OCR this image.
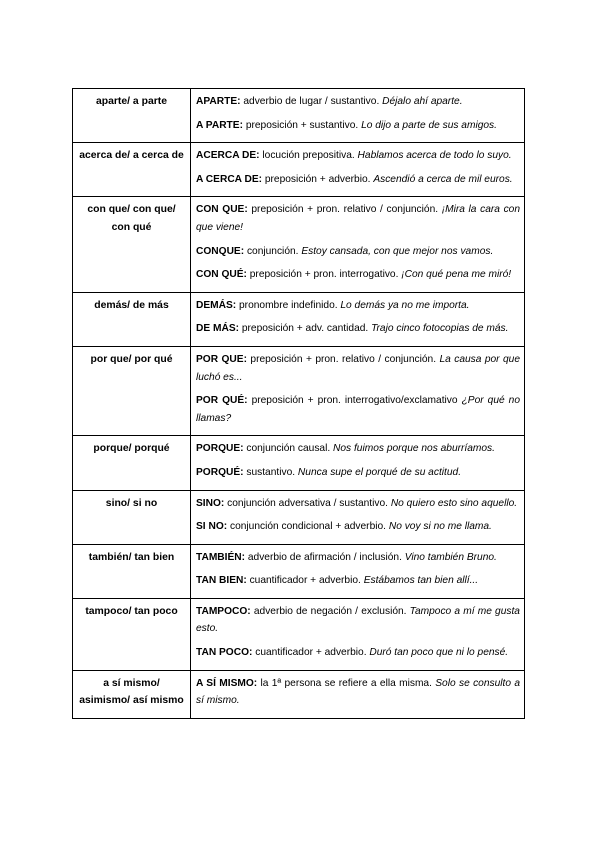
aparte/ a parte	APARTE: adverbio de lugar / sustantivo. Déjalo ahí aparte.

A PARTE: preposición + sustantivo. Lo dijo a parte de sus amigos.

acerca de/ a cerca de	ACERCA DE: locución prepositiva. Hablamos acerca de todo lo suyo.

A CERCA DE: preposición + adverbio. Ascendió a cerca de mil euros.

con que/ con que/ con qué	CON QUE: preposición + pron. relativo / conjunción. ¡Mira la cara con que viene!

CONQUE: conjunción. Estoy cansada, con que mejor nos vamos.

CON QUÉ: preposición + pron. interrogativo. ¡Con qué pena me miró!

demás/ de más	DEMÁS: pronombre indefinido. Lo demás ya no me importa.

DE MÁS: preposición + adv. cantidad. Trajo cinco fotocopias de más.

por que/ por qué	POR QUE: preposición + pron. relativo / conjunción. La causa por que luchó es...

POR QUÉ: preposición + pron. interrogativo/exclamativo ¿Por qué no llamas?

porque/ porqué	PORQUE: conjunción causal. Nos fuimos porque nos aburríamos.

PORQUÉ: sustantivo. Nunca supe el porqué de su actitud.

sino/ si no	SINO: conjunción adversativa / sustantivo. No quiero esto sino aquello.

SI NO: conjunción condicional + adverbio. No voy si no me llama.

también/ tan bien	TAMBIÉN: adverbio de afirmación / inclusión. Vino también Bruno.

TAN BIEN: cuantificador + adverbio. Estábamos tan bien allí...

tampoco/ tan poco	TAMPOCO: adverbio de negación / exclusión. Tampoco a mí me gusta esto.

TAN POCO: cuantificador + adverbio. Duró tan poco que ni lo pensé.

a sí mismo/ asimismo/ así mismo	A SÍ MISMO: la 1ª persona se refiere a ella misma. Solo se consulto a sí mismo.
